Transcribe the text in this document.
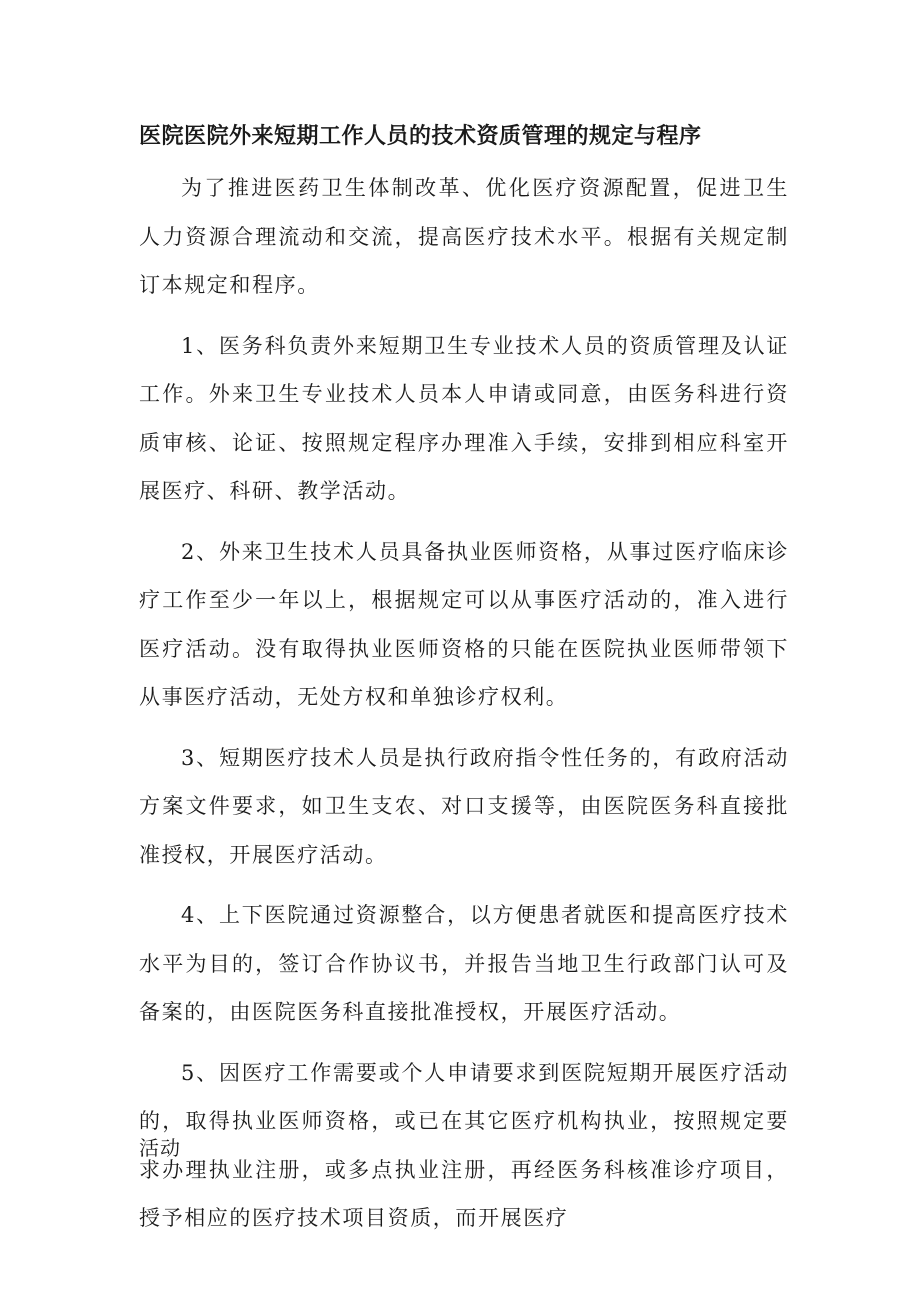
医院医院外来短期工作人员的技术资质管理的规定与程序

为了推进医药卫生体制改革、优化医疗资源配置，促进卫生人力资源合理流动和交流，提高医疗技术水平。根据有关规定制订本规定和程序。

1、医务科负责外来短期卫生专业技术人员的资质管理及认证工作。外来卫生专业技术人员本人申请或同意，由医务科进行资质审核、论证、按照规定程序办理准入手续，安排到相应科室开展医疗、科研、教学活动。

2、外来卫生技术人员具备执业医师资格，从事过医疗临床诊疗工作至少一年以上，根据规定可以从事医疗活动的，准入进行医疗活动。没有取得执业医师资格的只能在医院执业医师带领下从事医疗活动，无处方权和单独诊疗权利。

3、短期医疗技术人员是执行政府指令性任务的，有政府活动方案文件要求，如卫生支农、对口支援等，由医院医务科直接批准授权，开展医疗活动。

4、上下医院通过资源整合，以方便患者就医和提高医疗技术水平为目的，签订合作协议书，并报告当地卫生行政部门认可及备案的，由医院医务科直接批准授权，开展医疗活动。

5、因医疗工作需要或个人申请要求到医院短期开展医疗活动的，取得执业医师资格，或已在其它医疗机构执业，按照规定要求办理执业注册，或多点执业注册，再经医务科核准诊疗项目，授予相应的医疗技术项目资质，而开展医疗

活动
